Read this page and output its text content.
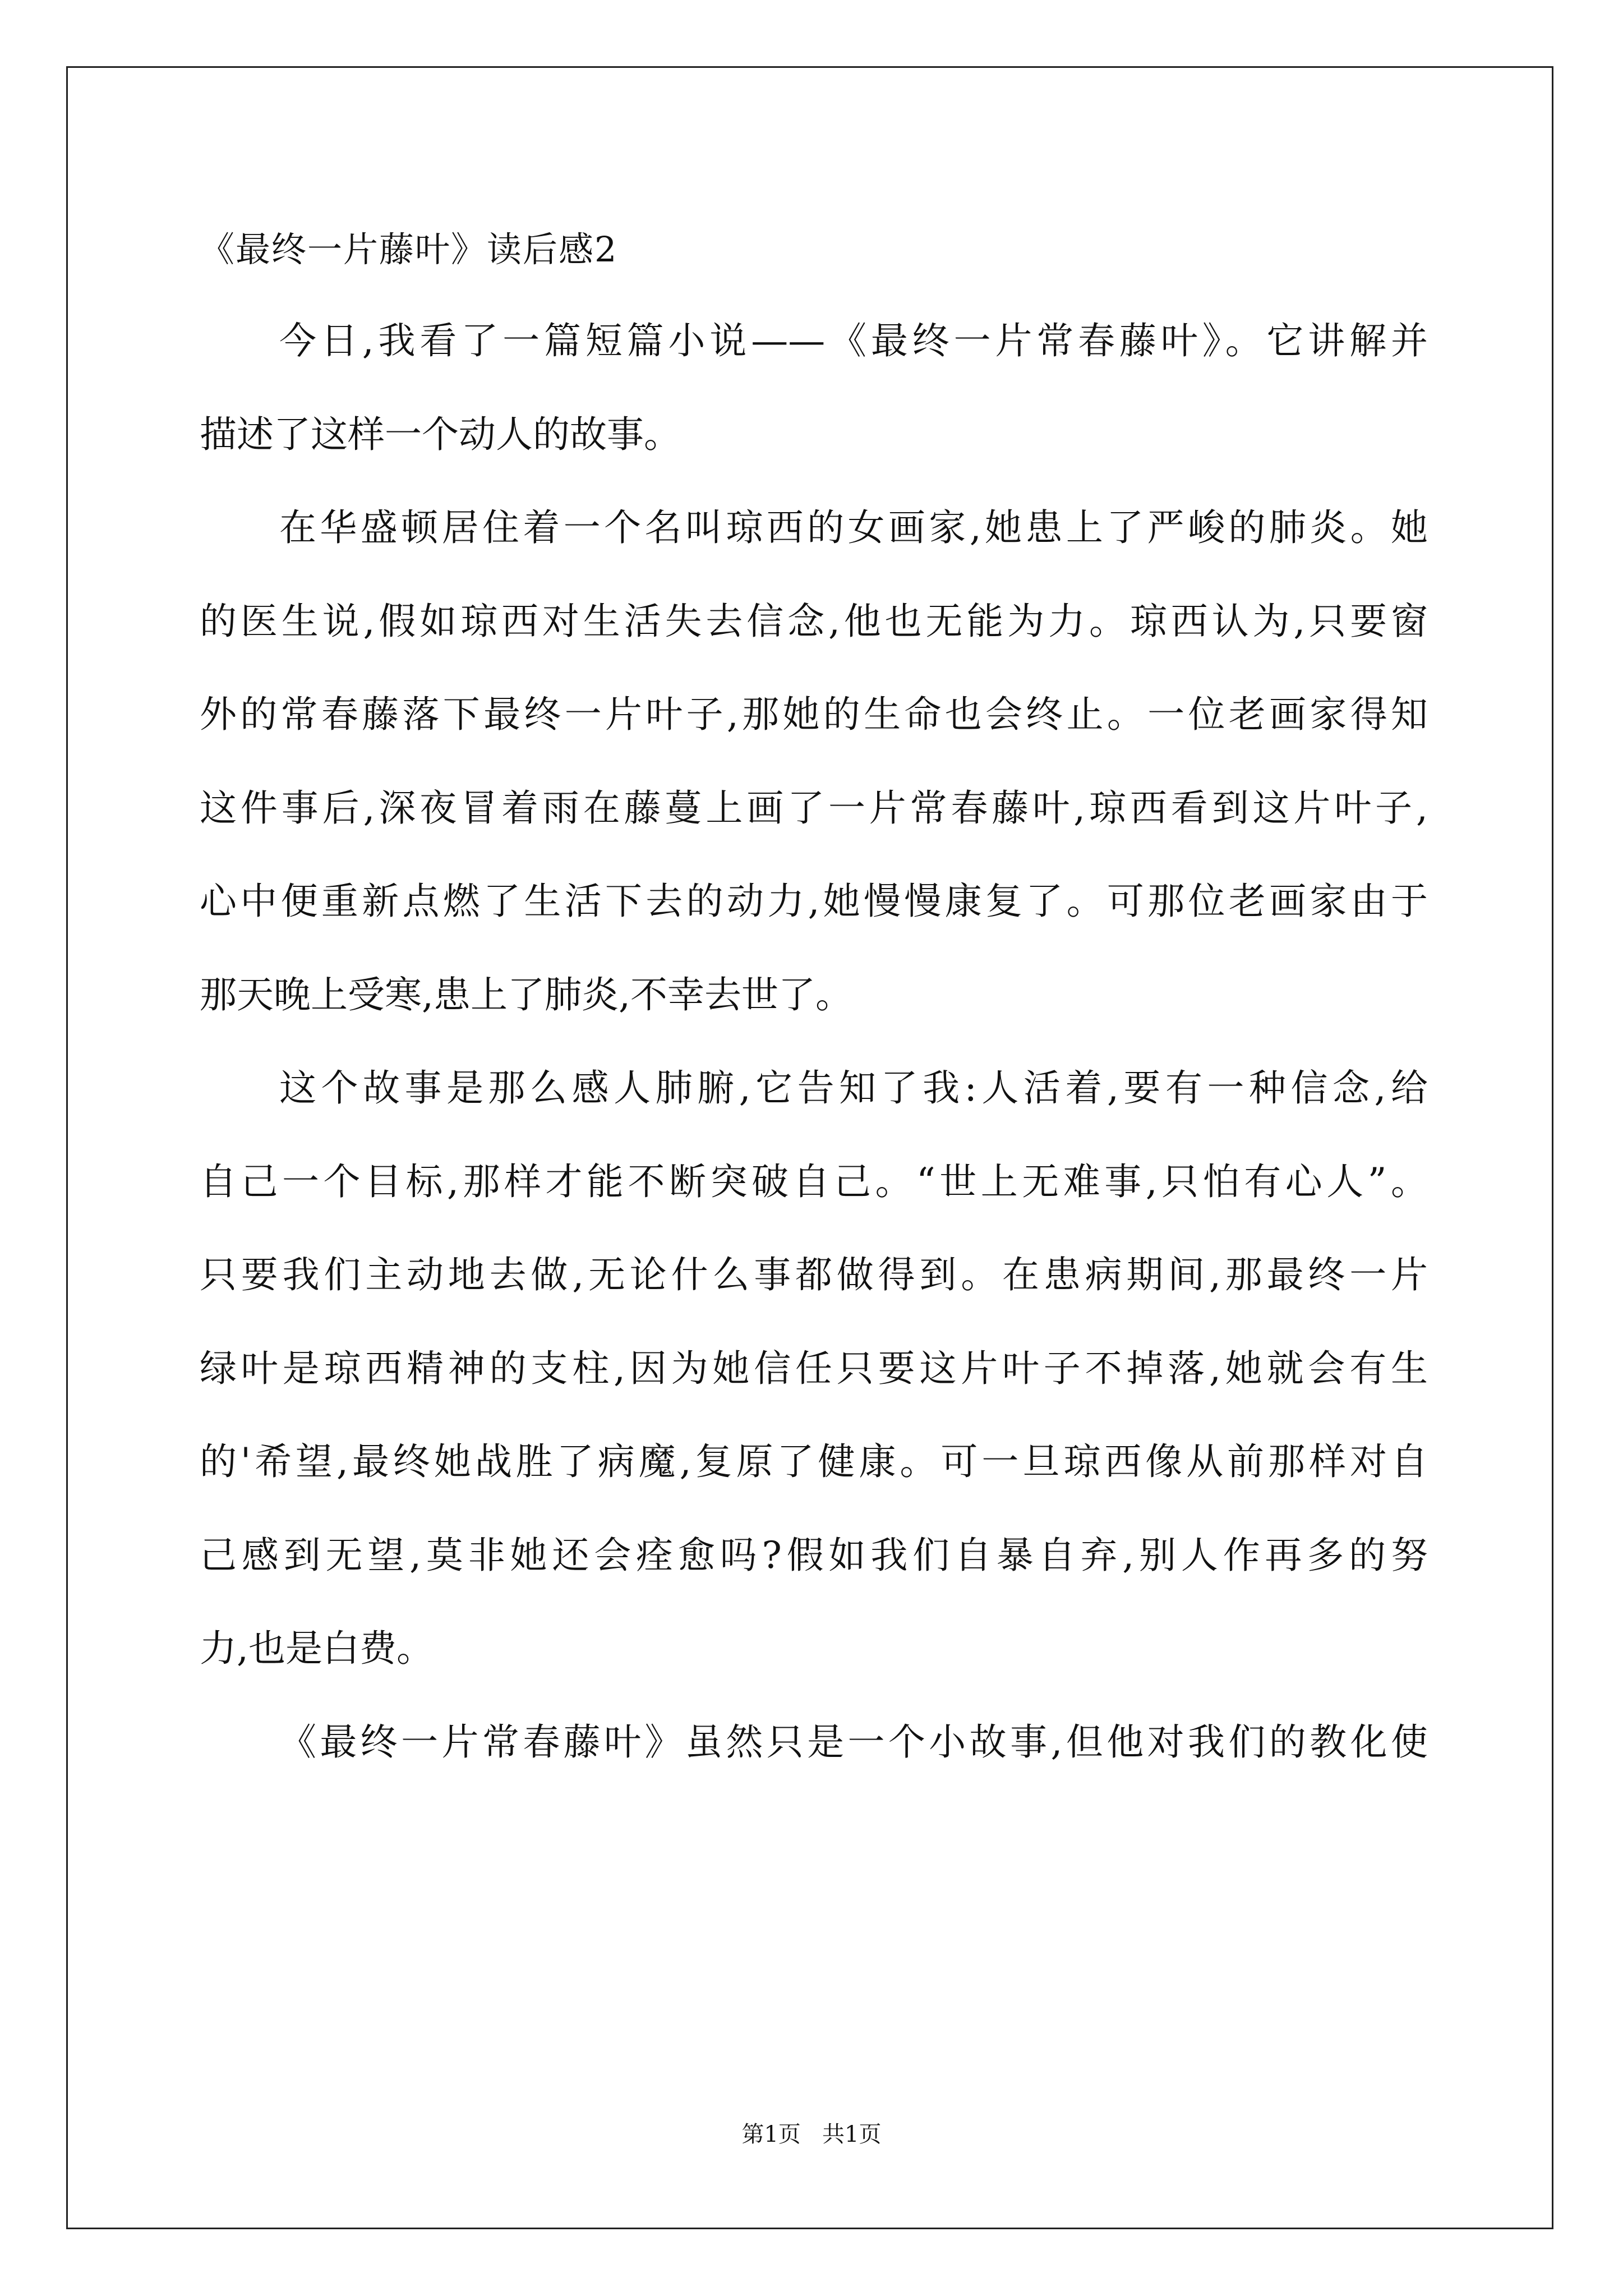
《最终一片藤叶》读后感2

今日,我看了一篇短篇小说——《最终一片常春藤叶》。它讲解并

描述了这样一个动人的故事。

在华盛顿居住着一个名叫琼西的女画家,她患上了严峻的肺炎。她

的医生说,假如琼西对生活失去信念,他也无能为力。琼西认为,只要窗

外的常春藤落下最终一片叶子,那她的生命也会终止。一位老画家得知

这件事后,深夜冒着雨在藤蔓上画了一片常春藤叶,琼西看到这片叶子,

心中便重新点燃了生活下去的动力,她慢慢康复了。可那位老画家由于

那天晚上受寒,患上了肺炎,不幸去世了。

这个故事是那么感人肺腑,它告知了我:人活着,要有一种信念,给

自己一个目标,那样才能不断突破自己。“世上无难事,只怕有心人”。

只要我们主动地去做,无论什么事都做得到。在患病期间,那最终一片

绿叶是琼西精神的支柱,因为她信任只要这片叶子不掉落,她就会有生

的'希望,最终她战胜了病魔,复原了健康。可一旦琼西像从前那样对自

己感到无望,莫非她还会痊愈吗?假如我们自暴自弃,别人作再多的努

力,也是白费。

《最终一片常春藤叶》虽然只是一个小故事,但他对我们的教化使

第1页   共1页
